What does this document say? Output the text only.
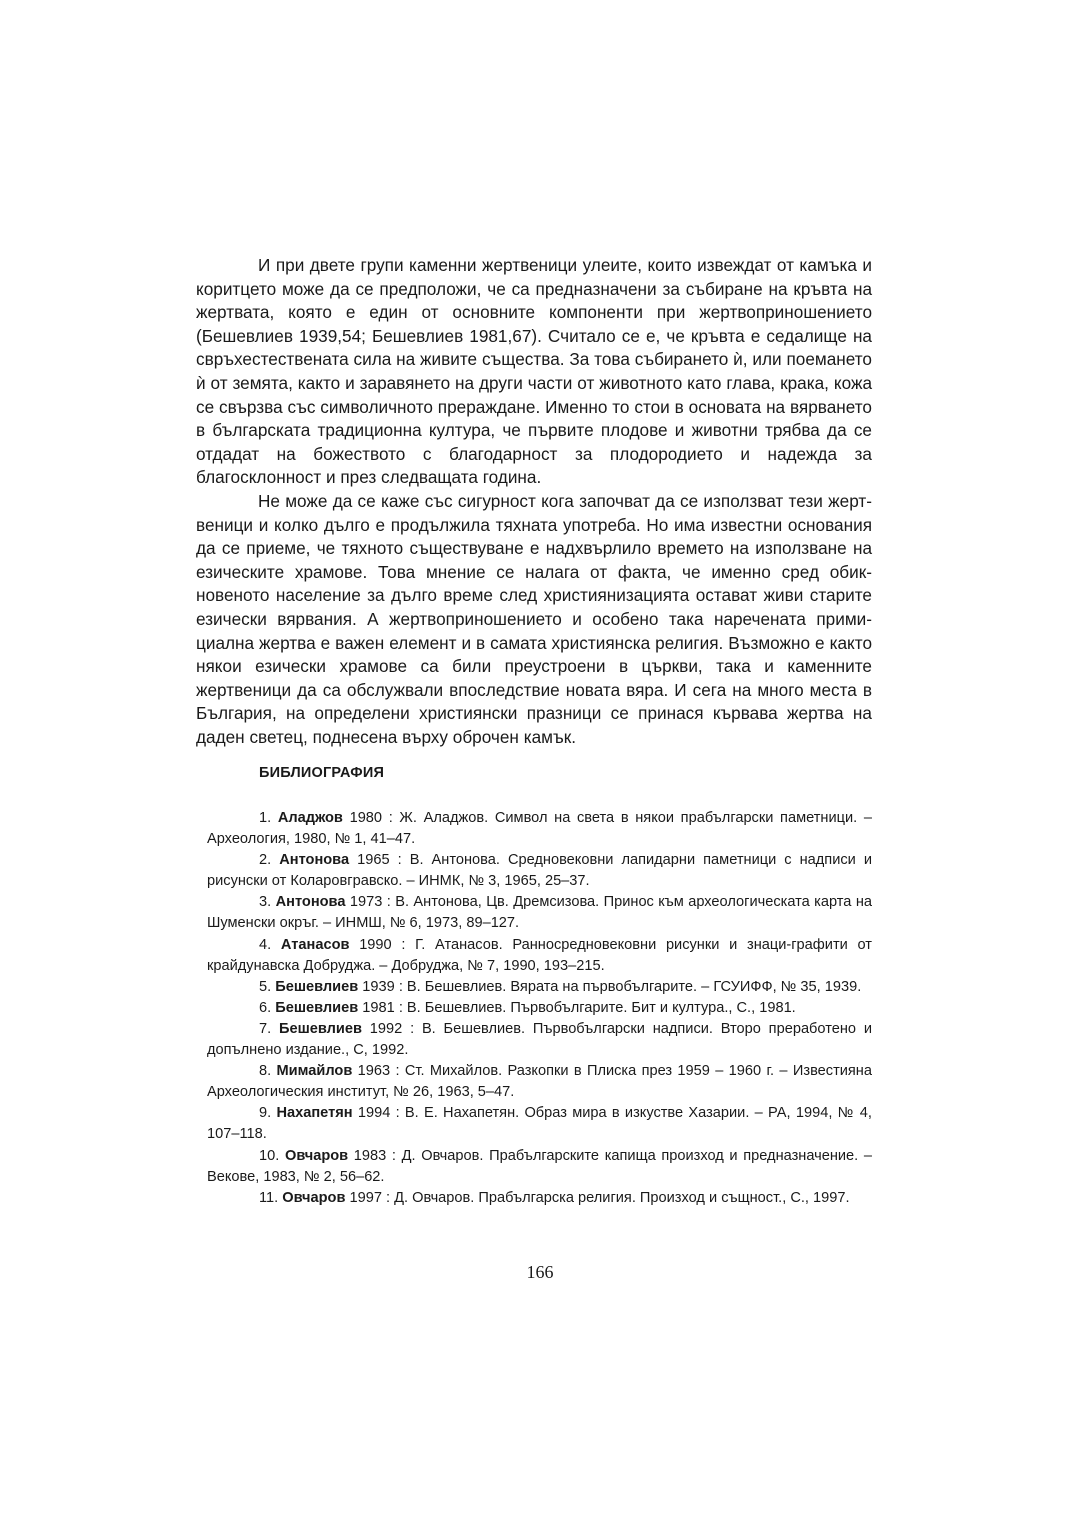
И при двете групи каменни жертвеници улеите, които извеждат от камъка и коритцето може да се предположи, че са предназначени за събиране на кръвта на жертвата, която е един от основните компоненти при жертвоприношението (Бешевлиев 1939,54; Бешевлиев 1981,67). Считало се е, че кръвта е седалище на свръхестествената сила на живите същества. За това събирането ѝ, или поемането ѝ от земята, както и заравянето на други части от животното като глава, крака, кожа се свързва със символичното прераждане. Именно то стои в основата на вярването в българската традиционна култура, че първите плодове и животни трябва да се отдадат на божеството с благодарност за плодородието и надежда за благосклонност и през следващата година.

Не може да се каже със сигурност кога започват да се използват тези жертвеници и колко дълго е продължила тяхната употреба. Но има известни основания да се приеме, че тяхното съществуване е надхвърлило времето на използване на езическите храмове. Това мнение се налага от факта, че именно сред обикновеното население за дълго време след християнизацията остават живи старите езически вярвания. А жертвоприношението и особено така наречената примициална жертва е важен елемент и в самата християнска религия. Възможно е както някои езически храмове са били преустроени в църкви, така и каменните жертвеници да са обслужвали впоследствие новата вяра. И сега на много места в България, на определени християнски празници се принася кървава жертва на даден светец, поднесена върху оброчен камък.

БИБЛИОГРАФИЯ
1. Аладжов 1980 : Ж. Аладжов. Символ на света в някои прабългарски паметници. – Археология, 1980, № 1, 41–47.
2. Антонова 1965 : В. Антонова. Средновековни лапидарни паметници с надписи и рисунски от Коларовгравско. – ИНМК, № 3, 1965, 25–37.
3. Антонова 1973 : В. Антонова, Цв. Дремсизова. Принос към археологическата карта на Шуменски окръг. – ИНМШ, № 6, 1973, 89–127.
4. Атанасов 1990 : Г. Атанасов. Ранносредновековни рисунки и знаци-графити от крайдунавска Добруджа. – Добруджа, № 7, 1990, 193–215.
5. Бешевлиев 1939 : В. Бешевлиев. Вярата на първобългарите. – ГСУИФФ, № 35, 1939.
6. Бешевлиев 1981 : В. Бешевлиев. Първобългарите. Бит и култура., С., 1981.
7. Бешевлиев 1992 : В. Бешевлиев. Първобългарски надписи. Второ преработено и допълнено издание., С, 1992.
8. Мимайлов 1963 : Ст. Михайлов. Разкопки в Плиска през 1959 – 1960 г. – Известияна Археологическия институт, № 26, 1963, 5–47.
9. Нахапетян 1994 : В. Е. Нахапетян. Образ мира в изкустве Хазарии. – РА, 1994, № 4, 107–118.
10. Овчаров 1983 : Д. Овчаров. Прабългарските капища произход и предназначение. – Векове, 1983, № 2, 56–62.
11. Овчаров 1997 : Д. Овчаров. Прабългарска религия. Произход и същност., С., 1997.
166
